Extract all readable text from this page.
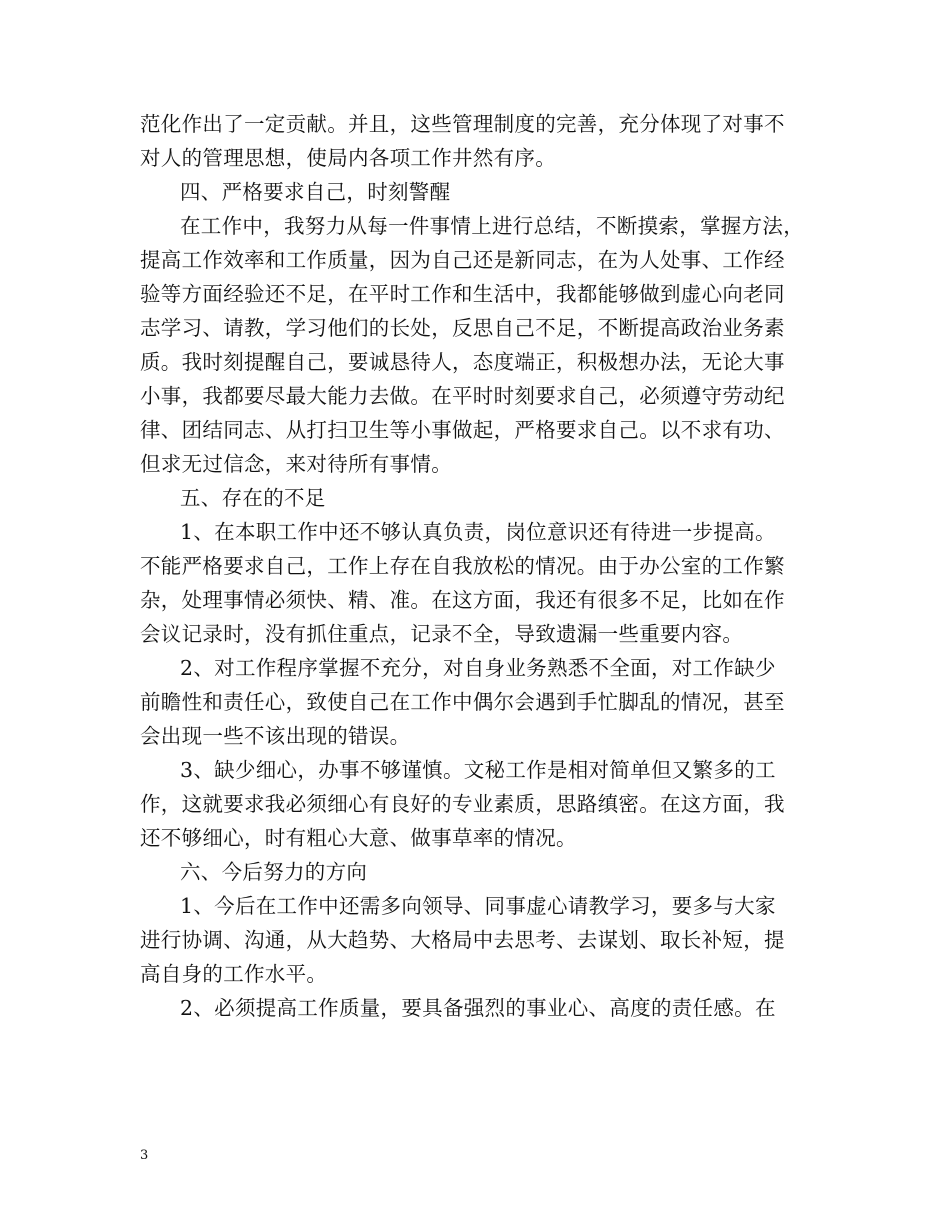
范化作出了一定贡献。并且，这些管理制度的完善，充分体现了对事不
对人的管理思想，使局内各项工作井然有序。
四、严格要求自己，时刻警醒
在工作中，我努力从每一件事情上进行总结，不断摸索，掌握方法，
提高工作效率和工作质量，因为自己还是新同志，在为人处事、工作经
验等方面经验还不足，在平时工作和生活中，我都能够做到虚心向老同
志学习、请教，学习他们的长处，反思自己不足，不断提高政治业务素
质。我时刻提醒自己，要诚恳待人，态度端正，积极想办法，无论大事
小事，我都要尽最大能力去做。在平时时刻要求自己，必须遵守劳动纪
律、团结同志、从打扫卫生等小事做起，严格要求自己。以不求有功、
但求无过信念，来对待所有事情。
五、存在的不足
1、在本职工作中还不够认真负责，岗位意识还有待进一步提高。
不能严格要求自己，工作上存在自我放松的情况。由于办公室的工作繁
杂，处理事情必须快、精、准。在这方面，我还有很多不足，比如在作
会议记录时，没有抓住重点，记录不全，导致遗漏一些重要内容。
2、对工作程序掌握不充分，对自身业务熟悉不全面，对工作缺少
前瞻性和责任心，致使自己在工作中偶尔会遇到手忙脚乱的情况，甚至
会出现一些不该出现的错误。
3、缺少细心，办事不够谨慎。文秘工作是相对简单但又繁多的工
作，这就要求我必须细心有良好的专业素质，思路缜密。在这方面，我
还不够细心，时有粗心大意、做事草率的情况。
六、今后努力的方向
1、今后在工作中还需多向领导、同事虚心请教学习，要多与大家
进行协调、沟通，从大趋势、大格局中去思考、去谋划、取长补短，提
高自身的工作水平。
2、必须提高工作质量，要具备强烈的事业心、高度的责任感。在
3
